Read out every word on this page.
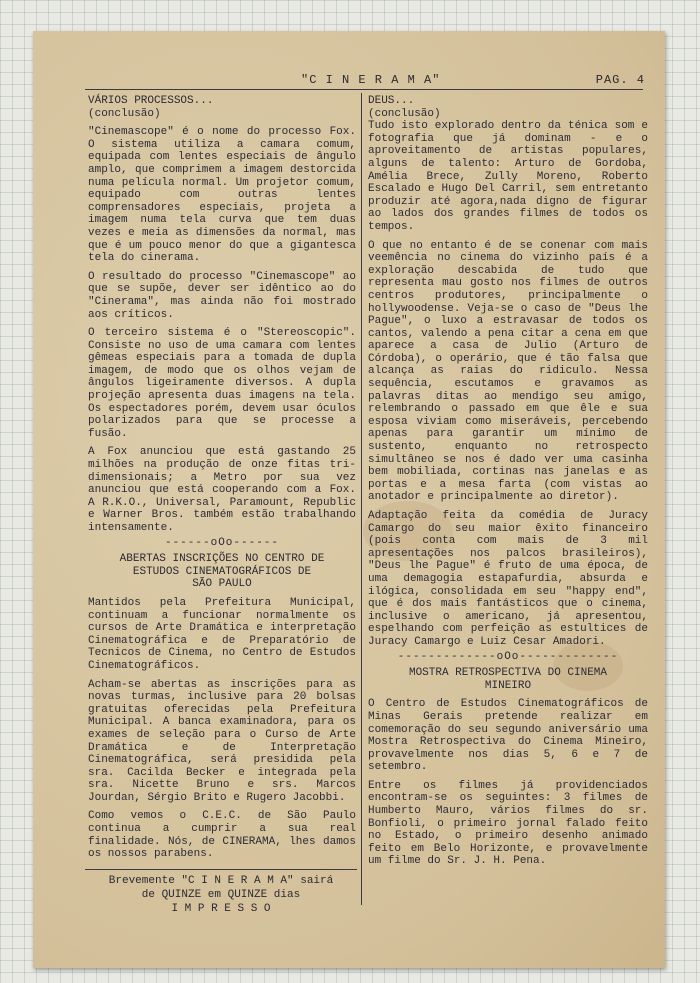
"C I N E R A M A"	PAG. 4

VÁRIOS PROCESSOS...

(conclusão)

"Cinemascope" é o nome do processo Fox. O sistema utiliza a camara comum, equipada com lentes especiais de ângulo amplo, que comprimem a imagem destorcida numa película normal. Um projetor comum, equipado com outras lentes comprensadores especiais, projeta a imagem numa tela curva que tem duas vezes e meia as dimensões da normal, mas que é um pouco menor do que a gigantesca tela do cinerama.

O resultado do processo "Cinemascope" ao que se supõe, dever ser idêntico ao do "Cinerama", mas ainda não foi mostrado aos críticos.

O terceiro sistema é o "Stereoscopic". Consiste no uso de uma camara com lentes gêmeas especiais para a tomada de dupla imagem, de modo que os olhos vejam de ângulos ligeiramente diversos. A dupla projeção apresenta duas imagens na tela. Os espectadores porém, devem usar óculos polarizados para que se processe a fusão.

A Fox anunciou que está gastando 25 milhões na produção de onze fitas tri-dimensionais; a Metro por sua vez anunciou que está cooperando com a Fox. A R.K.O., Universal, Paramount, Republic e Warner Bros. também estão trabalhando intensamente.

------oOo------
ABERTAS INSCRIÇÕES NO CENTRO DE
ESTUDOS CINEMATOGRÁFICOS DE
SÃO PAULO

Mantidos pela Prefeitura Municipal, continuam a funcionar normalmente os cursos de Arte Dramática e interpretação Cinematográfica e de Preparatório de Tecnicos de Cinema, no Centro de Estudos Cinematográficos.

Acham-se abertas as inscrições para as novas turmas, inclusive para 20 bolsas gratuitas oferecidas pela Prefeitura Municipal. A banca examinadora, para os exames de seleção para o Curso de Arte Dramática e de Interpretação Cinematográfica, será presidida pela sra. Cacilda Becker e integrada pela sra. Nicette Bruno e srs. Marcos Jourdan, Sérgio Brito e Rugero Jacobbi.

Como vemos o C.E.C. de São Paulo continua a cumprir a sua real finalidade. Nós, de CINERAMA, lhes damos os nossos parabens.

Brevemente "C I N E R A M A" sairá
de QUINZE em QUINZE dias
I M P R E S S O

DEUS...

(conclusão)

Tudo isto explorado dentro da ténica som e fotografia que já dominam - e o aproveitamento de artistas populares, alguns de talento: Arturo de Gordoba, Amélia Brece, Zully Moreno, Roberto Escalado e Hugo Del Carril, sem entretanto produzir até agora,nada digno de figurar ao lados dos grandes filmes de todos os tempos.

O que no entanto é de se conenar com mais veemência no cinema do vizinho país é a exploração descabida de tudo que representa mau gosto nos filmes de outros centros produtores, principalmente o hollywoodense. Veja-se o caso de "Deus lhe Pague", o luxo a estravasar de todos os cantos, valendo a pena citar a cena em que aparece a casa de Julio (Arturo de Córdoba), o operário, que é tão falsa que alcança as raias do ridiculo. Nessa sequência, escutamos e gravamos as palavras ditas ao mendigo seu amigo, relembrando o passado em que êle e sua esposa viviam como miseráveis, percebendo apenas para garantir um mínimo de sustento, enquanto no retrospecto simultâneo se nos é dado ver uma casinha bem mobiliada, cortinas nas janelas e as portas e a mesa farta (com vistas ao anotador e principalmente ao diretor).

Adaptação feita da comédia de Juracy Camargo do seu maior êxito financeiro (pois conta com mais de 3 mil apresentações nos palcos brasileiros), "Deus lhe Pague" é fruto de uma época, de uma demagogia estapafurdia, absurda e ilógica, consolidada em seu "happy end", que é dos mais fantásticos que o cinema, inclusive o americano, já apresentou, espelhando com perfeição as estultices de Juracy Camargo e Luiz Cesar Amadori.

-------------oOo-------------
MOSTRA RETROSPECTIVA DO CINEMA
MINEIRO

O Centro de Estudos Cinematográficos de Minas Gerais pretende realizar em comemoração do seu segundo aniversário uma Mostra Retrospectiva do Cinema Mineiro, provavelmente nos dias 5, 6 e 7 de setembro.

Entre os filmes já providenciados encontram-se os seguintes: 3 filmes de Humberto Mauro, vários filmes do sr. Bonfioli, o primeiro jornal falado feito no Estado, o primeiro desenho animado feito em Belo Horizonte, e provavelmente um filme do Sr. J. H. Pena.
